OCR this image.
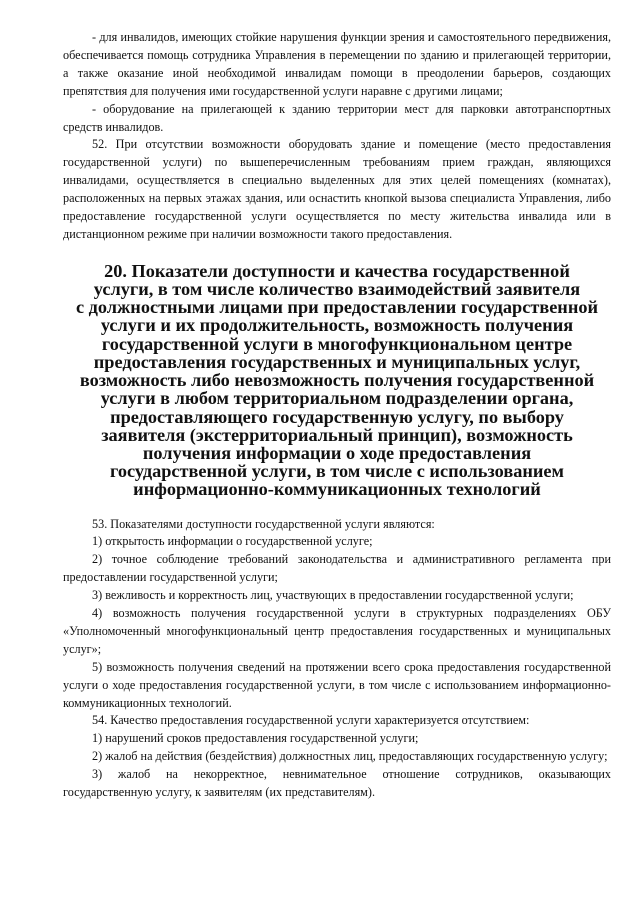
- для инвалидов, имеющих стойкие нарушения функции зрения и самостоятельного передвижения, обеспечивается помощь сотрудника Управления в перемещении по зданию и прилегающей территории, а также оказание иной необходимой инвалидам помощи в преодолении барьеров, создающих препятствия для получения ими государственной услуги наравне с другими лицами;

- оборудование на прилегающей к зданию территории мест для парковки автотранспортных средств инвалидов.

52. При отсутствии возможности оборудовать здание и помещение (место предоставления государственной услуги) по вышеперечисленным требованиям прием граждан, являющихся инвалидами, осуществляется в специально выделенных для этих целей помещениях (комнатах), расположенных на первых этажах здания, или оснастить кнопкой вызова специалиста Управления, либо предоставление государственной услуги осуществляется по месту жительства инвалида или в дистанционном режиме при наличии возможности такого предоставления.

20. Показатели доступности и качества государственной
услуги, в том числе количество взаимодействий заявителя
с должностными лицами при предоставлении государственной
услуги и их продолжительность, возможность получения
государственной услуги в многофункциональном центре
предоставления государственных и муниципальных услуг,
возможность либо невозможность получения государственной
услуги в любом территориальном подразделении органа,
предоставляющего государственную услугу, по выбору
заявителя (экстерриториальный принцип), возможность
получения информации о ходе предоставления
государственной услуги, в том числе с использованием
информационно-коммуникационных технологий

53. Показателями доступности государственной услуги являются:

1) открытость информации о государственной услуге;

2) точное соблюдение требований законодательства и административного регламента при предоставлении государственной услуги;

3) вежливость и корректность лиц, участвующих в предоставлении государственной услуги;

4) возможность получения государственной услуги в структурных подразделениях ОБУ «Уполномоченный многофункциональный центр предоставления государственных и муниципальных услуг»;

5) возможность получения сведений на протяжении всего срока предоставления государственной услуги о ходе предоставления государственной услуги, в том числе с использованием информационно-коммуникационных технологий.

54. Качество предоставления государственной услуги характеризуется отсутствием:

1) нарушений сроков предоставления государственной услуги;

2) жалоб на действия (бездействия) должностных лиц, предоставляющих государственную услугу;

3) жалоб на некорректное, невнимательное отношение сотрудников, оказывающих государственную услугу, к заявителям (их представителям).
